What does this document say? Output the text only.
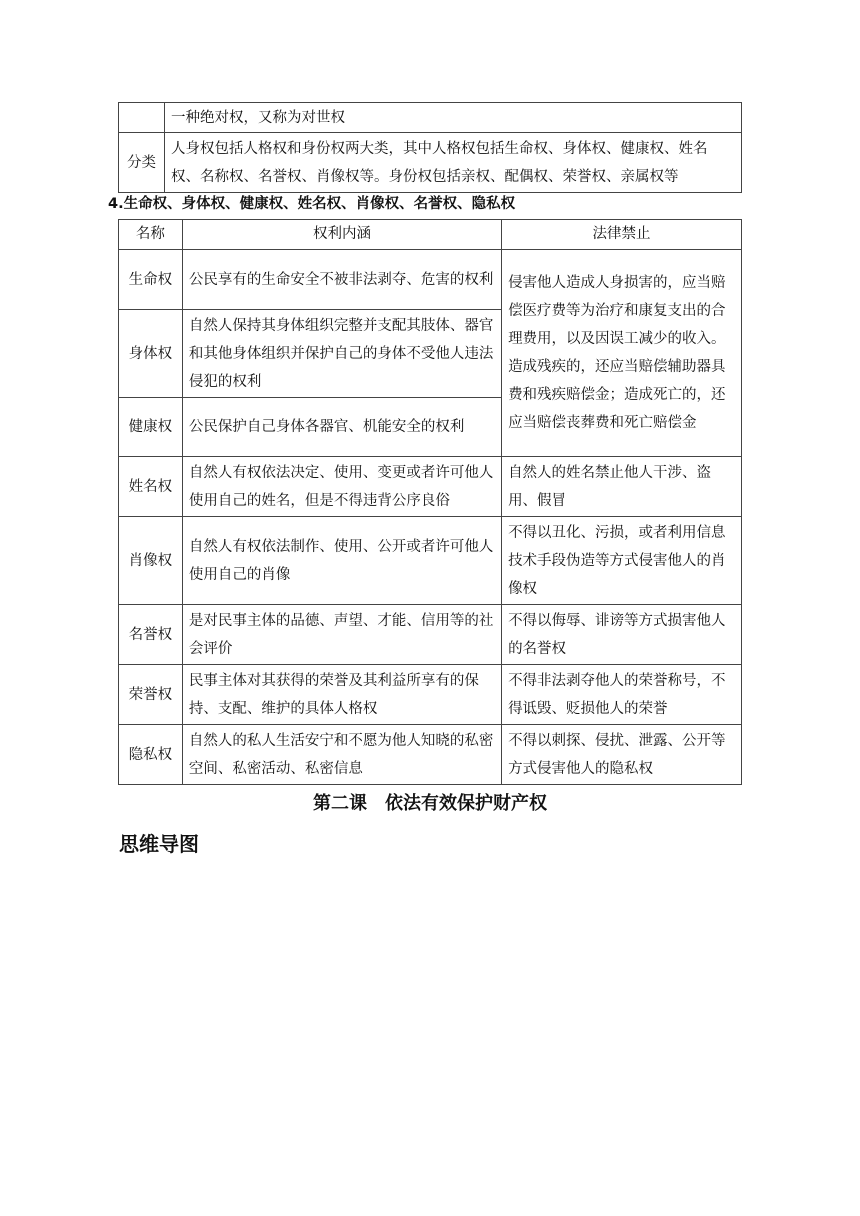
	一种绝对权，又称为对世权
分类	人身权包括人格权和身份权两大类，其中人格权包括生命权、身体权、健康权、姓名权、名称权、名誉权、肖像权等。身份权包括亲权、配偶权、荣誉权、亲属权等
4.生命权、身体权、健康权、姓名权、肖像权、名誉权、隐私权
名称	权利内涵	法律禁止
生命权	公民享有的生命安全不被非法剥夺、危害的权利	侵害他人造成人身损害的，应当赔偿医疗费等为治疗和康复支出的合理费用，以及因误工减少的收入。造成残疾的，还应当赔偿辅助器具费和残疾赔偿金；造成死亡的，还应当赔偿丧葬费和死亡赔偿金
身体权	自然人保持其身体组织完整并支配其肢体、器官和其他身体组织并保护自己的身体不受他人违法侵犯的权利	
健康权	公民保护自己身体各器官、机能安全的权利	
姓名权	自然人有权依法决定、使用、变更或者许可他人使用自己的姓名，但是不得违背公序良俗	自然人的姓名禁止他人干涉、盗用、假冒
肖像权	自然人有权依法制作、使用、公开或者许可他人使用自己的肖像	不得以丑化、污损，或者利用信息技术手段伪造等方式侵害他人的肖像权
名誉权	是对民事主体的品德、声望、才能、信用等的社会评价	不得以侮辱、诽谤等方式损害他人的名誉权
荣誉权	民事主体对其获得的荣誉及其利益所享有的保持、支配、维护的具体人格权	不得非法剥夺他人的荣誉称号，不得诋毁、贬损他人的荣誉
隐私权	自然人的私人生活安宁和不愿为他人知晓的私密空间、私密活动、私密信息	不得以刺探、侵扰、泄露、公开等方式侵害他人的隐私权
第二课　依法有效保护财产权
思维导图
